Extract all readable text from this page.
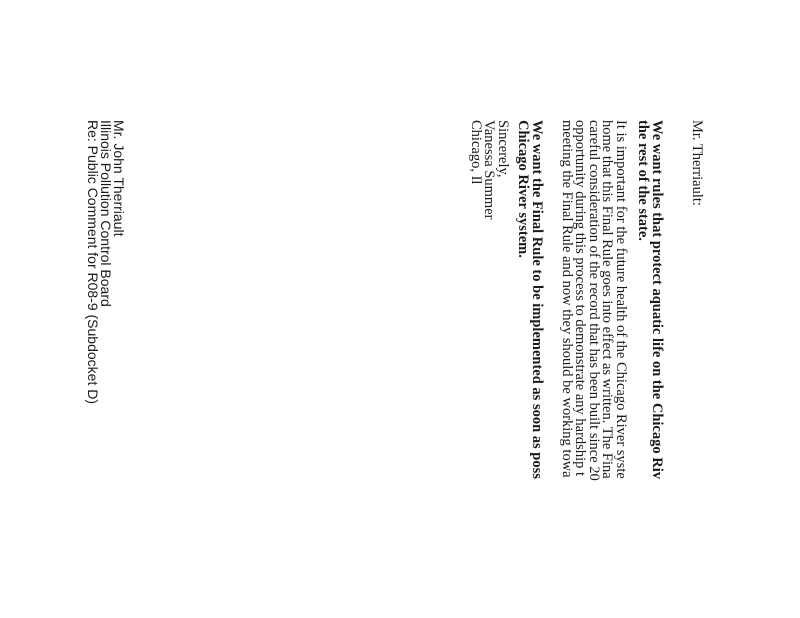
Mr. Therriault:
We want rules that protect aquatic life on the Chicago Riv
the rest of the state.
It is important for the future health of the Chicago River syste
home that this Final Rule goes into effect as written. The Fina
careful consideration of the record that has been built since 20
opportunity during this process to demonstrate any hardship t
meeting the Final Rule and now they should be working towa
We want the Final Rule to be implemented as soon as poss
Chicago River system.
Sincerely,
Vanessa Summer
Chicago, Il
Mr. John Therriault
Illinois Pollution Control Board
Re: Public Comment for R08-9 (Subdocket D)
